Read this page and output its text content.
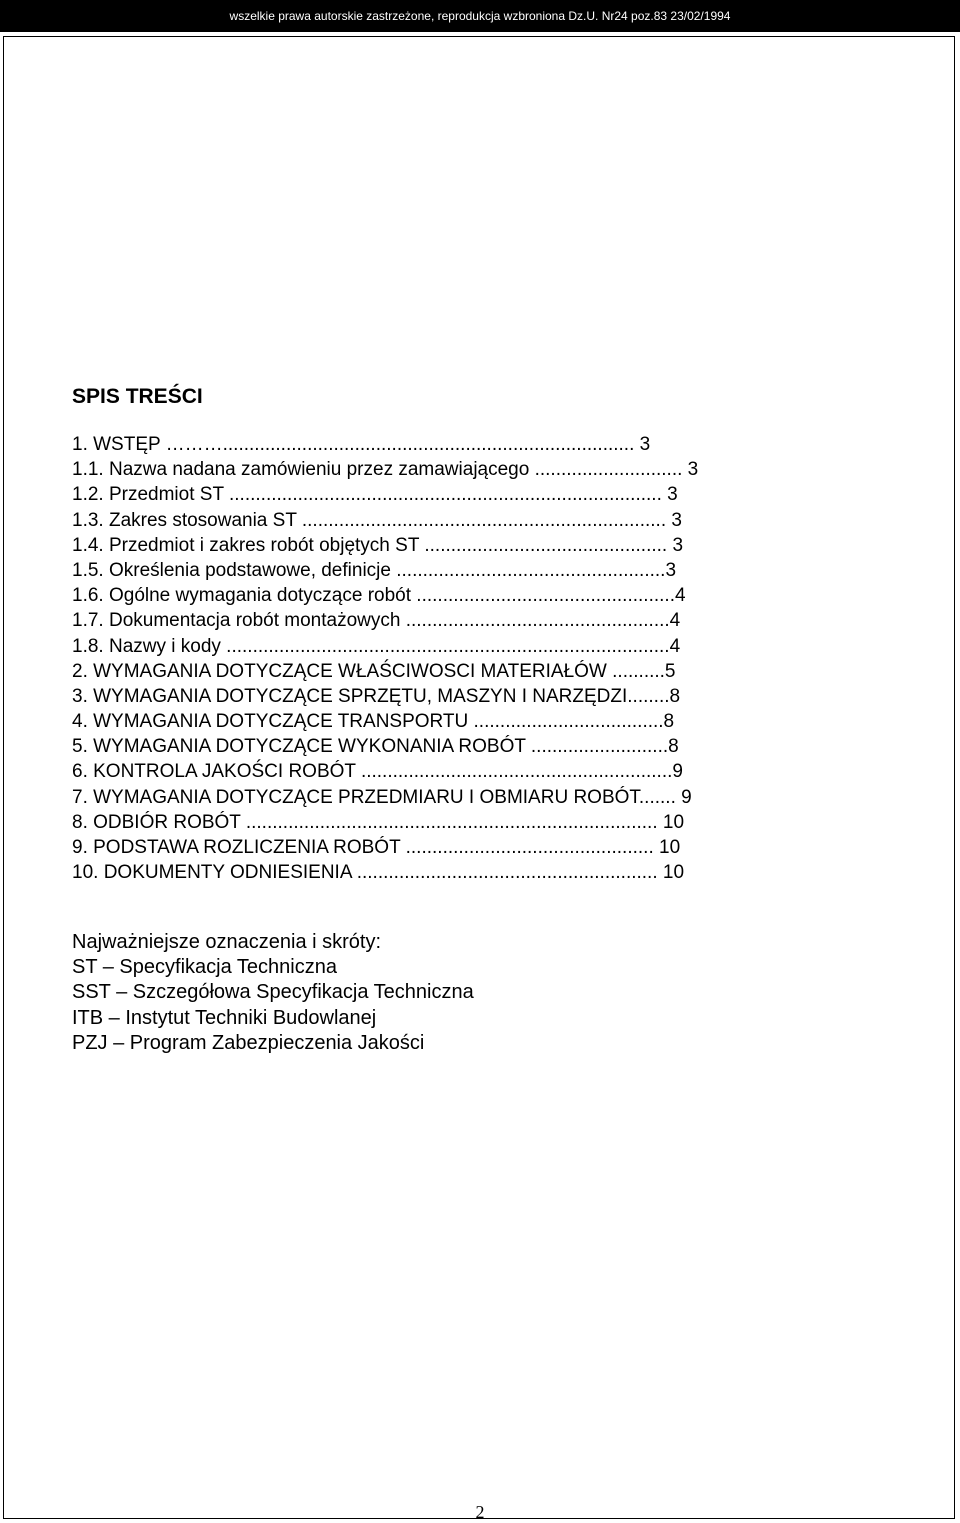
wszelkie prawa autorskie zastrzeżone, reprodukcja wzbroniona Dz.U. Nr24 poz.83 23/02/1994
SPIS TREŚCI
1. WSTĘP ……….............................................................................. 3
1.1. Nazwa nadana zamówieniu przez zamawiającego ............................ 3
1.2. Przedmiot ST .................................................................................. 3
1.3. Zakres stosowania ST ..................................................................... 3
1.4. Przedmiot i zakres robót objętych ST .............................................. 3
1.5. Określenia podstawowe, definicje ...................................................3
1.6. Ogólne wymagania dotyczące robót .................................................4
1.7. Dokumentacja robót montażowych ..................................................4
1.8. Nazwy i kody ....................................................................................4
2. WYMAGANIA DOTYCZĄCE WŁAŚCIWOSCI MATERIAŁÓW ..........5
3. WYMAGANIA DOTYCZĄCE SPRZĘTU, MASZYN I NARZĘDZI........8
4. WYMAGANIA DOTYCZĄCE TRANSPORTU ....................................8
5. WYMAGANIA DOTYCZĄCE WYKONANIA ROBÓT ..........................8
6. KONTROLA JAKOŚCI ROBÓT ...........................................................9
7. WYMAGANIA DOTYCZĄCE PRZEDMIARU I OBMIARU ROBÓT....... 9
8. ODBIÓR ROBÓT .............................................................................. 10
9. PODSTAWA ROZLICZENIA ROBÓT ............................................... 10
10. DOKUMENTY ODNIESIENIA ......................................................... 10
Najważniejsze oznaczenia i skróty:
ST – Specyfikacja Techniczna
SST – Szczegółowa Specyfikacja Techniczna
ITB – Instytut Techniki Budowlanej
PZJ – Program Zabezpieczenia Jakości
2
